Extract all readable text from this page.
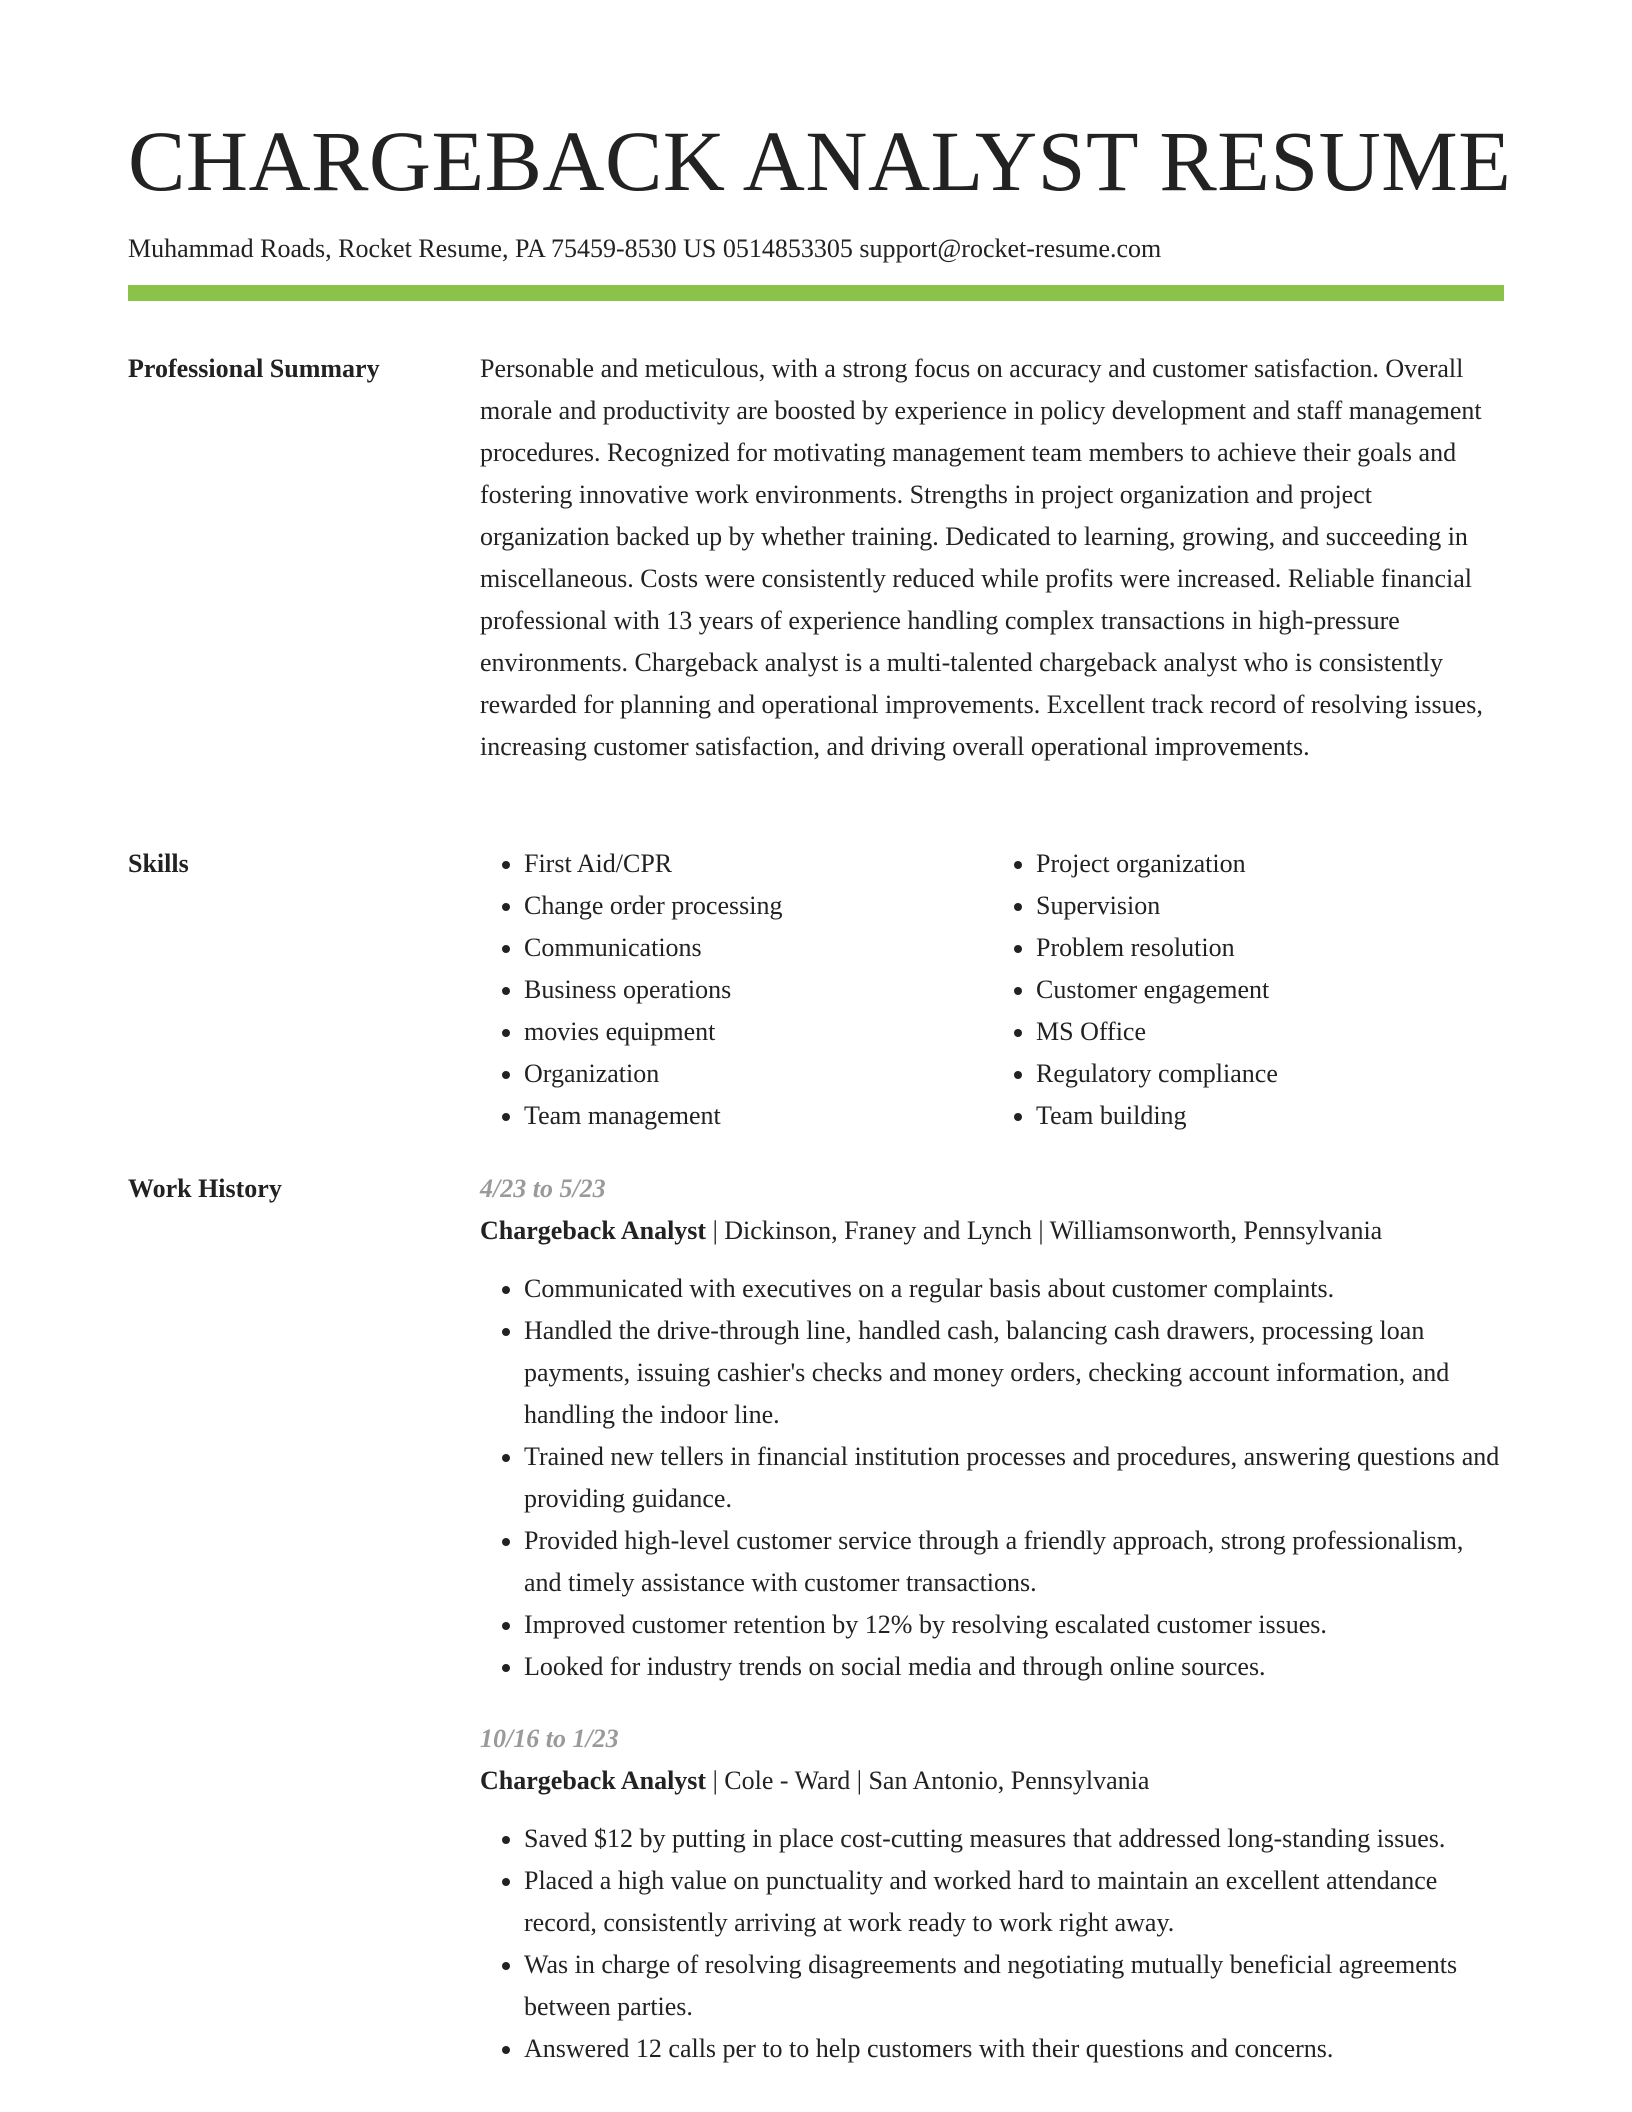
CHARGEBACK ANALYST RESUME
Muhammad Roads, Rocket Resume, PA 75459-8530 US 0514853305 support@rocket-resume.com
Professional Summary	Personable and meticulous, with a strong focus on accuracy and customer satisfaction. Overall morale and productivity are boosted by experience in policy development and staff management procedures. Recognized for motivating management team members to achieve their goals and fostering innovative work environments. Strengths in project organization and project organization backed up by whether training. Dedicated to learning, growing, and succeeding in miscellaneous. Costs were consistently reduced while profits were increased. Reliable financial professional with 13 years of experience handling complex transactions in high-pressure environments. Chargeback analyst is a multi-talented chargeback analyst who is consistently rewarded for planning and operational improvements. Excellent track record of resolving issues, increasing customer satisfaction, and driving overall operational improvements.

Skills
•	First Aid/CPR
• Change order processing
• Communications
• Business operations
• movies equipment
• Organization
• Team management
• Project organization
• Supervision
• Problem resolution
• Customer engagement
• MS Office
• Regulatory compliance
• Team building
Work History	4/23 to 5/23
Chargeback Analyst | Dickinson, Franey and Lynch | Williamsonworth, Pennsylvania
• Communicated with executives on a regular basis about customer complaints.
• Handled the drive-through line, handled cash, balancing cash drawers, processing loan payments, issuing cashier's checks and money orders, checking account information, and handling the indoor line.
• Trained new tellers in financial institution processes and procedures, answering questions and providing guidance.
• Provided high-level customer service through a friendly approach, strong professionalism, and timely assistance with customer transactions.
• Improved customer retention by 12% by resolving escalated customer issues.
• Looked for industry trends on social media and through online sources.
10/16 to 1/23
Chargeback Analyst | Cole - Ward | San Antonio, Pennsylvania
• Saved $12 by putting in place cost-cutting measures that addressed long-standing issues.
• Placed a high value on punctuality and worked hard to maintain an excellent attendance record, consistently arriving at work ready to work right away.
• Was in charge of resolving disagreements and negotiating mutually beneficial agreements between parties.
• Answered 12 calls per to to help customers with their questions and concerns.
